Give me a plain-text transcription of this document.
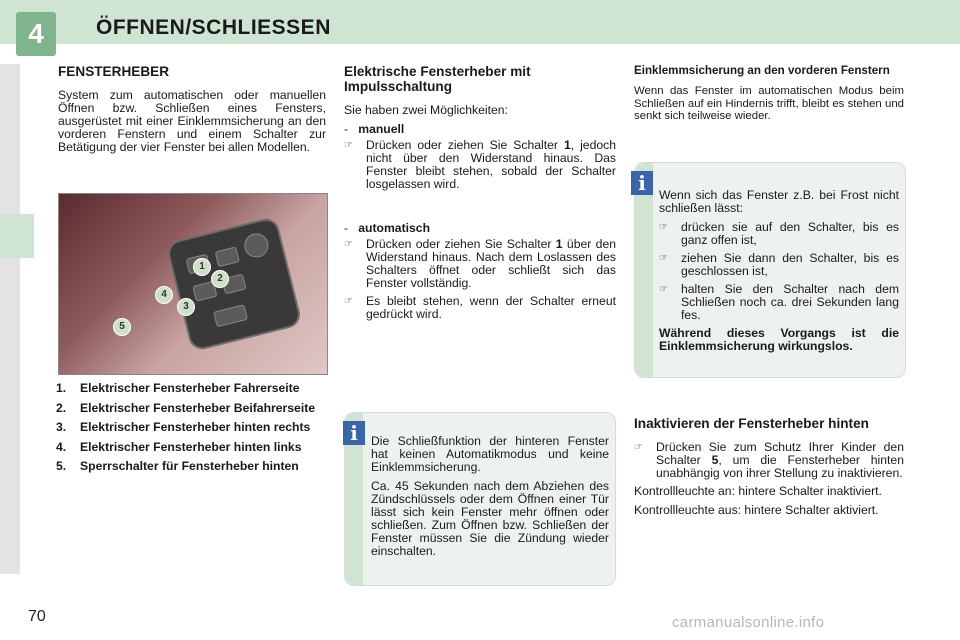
4	ÖFFNEN/SCHLIESSEN
FENSTERHEBER

System zum automatischen oder manuellen Öffnen bzw. Schließen eines Fensters, ausgerüstet mit einer Einklemmsicherung an den vorderen Fenstern und einem Schalter zur Betätigung der vier Fenster bei allen Modellen.

1
2
3
4
5
1. Elektrischer Fensterheber Fahrerseite
2. Elektrischer Fensterheber Beifahrerseite
3. Elektrischer Fensterheber hinten rechts
4. Elektrischer Fensterheber hinten links
5. Sperrschalter für Fensterheber hinten
Elektrische Fensterheber mit Impulsschaltung

Sie haben zwei Möglichkeiten:

- manuell
☞ Drücken oder ziehen Sie Schalter 1, jedoch nicht über den Widerstand hinaus. Das Fenster bleibt stehen, sobald der Schalter losgelassen wird.
- automatisch
☞ Drücken oder ziehen Sie Schalter 1 über den Widerstand hinaus. Nach dem Loslassen des Schalters öffnet oder schließt sich das Fenster vollständig.
☞ Es bleibt stehen, wenn der Schalter erneut gedrückt wird.
i	Die Schließfunktion der hinteren Fenster hat keinen Automatikmodus und keine Einklemmsicherung.

Ca. 45 Sekunden nach dem Abziehen des Zündschlüssels oder dem Öffnen einer Tür lässt sich kein Fenster mehr öffnen oder schließen. Zum Öffnen bzw. Schließen der Fenster müssen Sie die Zündung wieder einschalten.

Einklemmsicherung an den vorderen Fenstern

Wenn das Fenster im automatischen Modus beim Schließen auf ein Hindernis trifft, bleibt es stehen und senkt sich teilweise wieder.

i	Wenn sich das Fenster z.B. bei Frost nicht schließen lässt:

☞ drücken sie auf den Schalter, bis es ganz offen ist,
☞ ziehen Sie dann den Schalter, bis es geschlossen ist,
☞ halten Sie den Schalter nach dem Schließen noch ca. drei Sekunden lang fes.

Während dieses Vorgangs ist die Einklemmsicherung wirkungslos.

Inaktivieren der Fensterheber hinten
☞ Drücken Sie zum Schutz Ihrer Kinder den Schalter 5, um die Fensterheber hinten unabhängig von ihrer Stellung zu inaktivieren.

Kontrollleuchte an: hintere Schalter inaktiviert.

Kontrollleuchte aus: hintere Schalter aktiviert.

70	carmanualsonline.info
